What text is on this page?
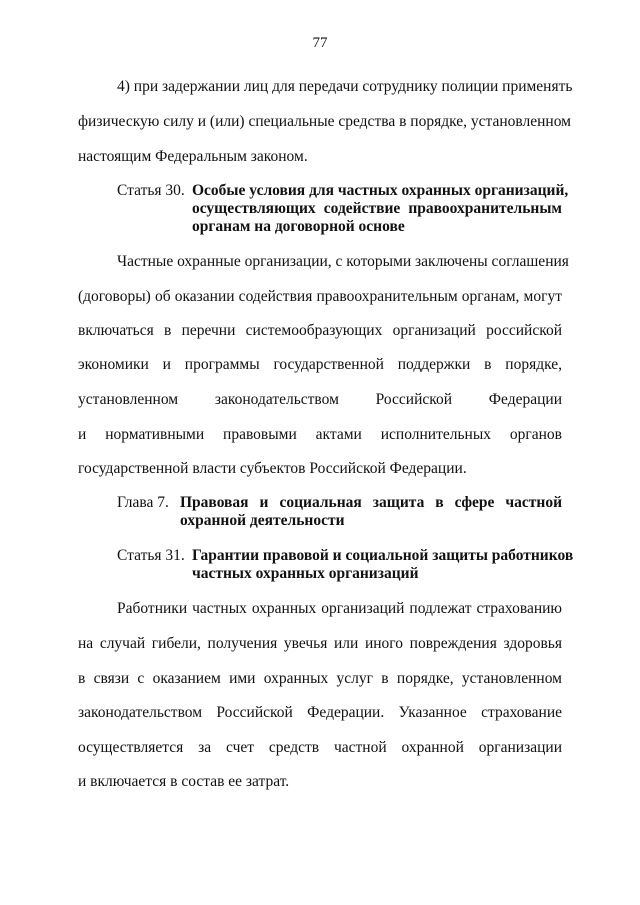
77
4) при задержании лиц для передачи сотруднику полиции применять
физическую силу и (или) специальные средства в порядке, установленном
настоящим Федеральным законом.
Статья 30. Особые условия для частных охранных организаций,
осуществляющих содействие правоохранительным
органам на договорной основе
Частные охранные организации, с которыми заключены соглашения
(договоры) об оказании содействия правоохранительным органам, могут
включаться в перечни системообразующих организаций российской
экономики и программы государственной поддержки в порядке,
установленном законодательством Российской Федерации
и нормативными правовыми актами исполнительных органов
государственной власти субъектов Российской Федерации.
Глава 7. Правовая и социальная защита в сфере частной
охранной деятельности
Статья 31. Гарантии правовой и социальной защиты работников
частных охранных организаций
Работники частных охранных организаций подлежат страхованию
на случай гибели, получения увечья или иного повреждения здоровья
в связи с оказанием ими охранных услуг в порядке, установленном
законодательством Российской Федерации. Указанное страхование
осуществляется за счет средств частной охранной организации
и включается в состав ее затрат.
